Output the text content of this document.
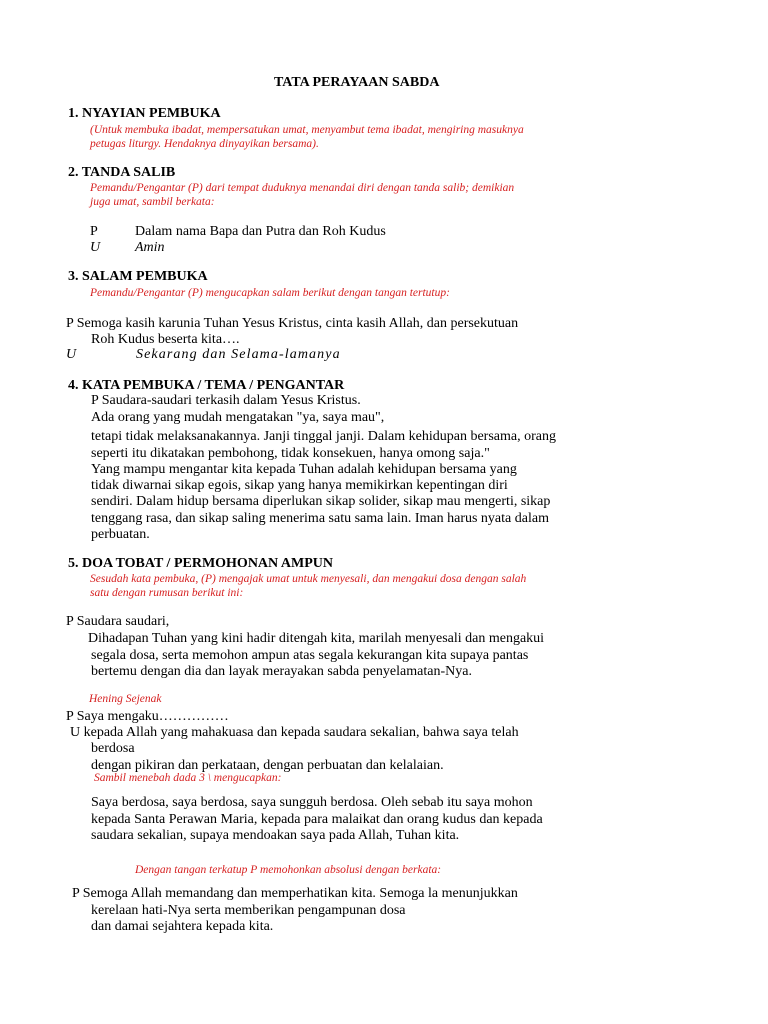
TATA PERAYAAN SABDA
1. NYAYIAN PEMBUKA
(Untuk membuka ibadat, mempersatukan umat, menyambut tema ibadat, mengiring masuknya
petugas liturgy. Hendaknya dinyayikan bersama).
2. TANDA SALIB
Pemandu/Pengantar (P) dari tempat duduknya menandai diri dengan tanda salib; demikian
juga umat, sambil berkata:
P	Dalam nama Bapa dan Putra dan Roh Kudus
U Amin
3. SALAM PEMBUKA
Pemandu/Pengantar (P) mengucapkan salam berikut dengan tangan tertutup:
P Semoga kasih karunia Tuhan Yesus Kristus, cinta kasih Allah, dan persekutuan
Roh Kudus beserta kita….
U	Sekarang dan Selama-lamanya
4. KATA PEMBUKA / TEMA / PENGANTAR
P Saudara-saudari terkasih dalam Yesus Kristus.
Ada orang yang mudah mengatakan "ya, saya mau",
tetapi tidak melaksanakannya. Janji tinggal janji. Dalam kehidupan bersama, orang
seperti itu dikatakan pembohong, tidak konsekuen, hanya omong saja."
Yang mampu mengantar kita kepada Tuhan adalah kehidupan bersama yang
tidak diwarnai sikap egois, sikap yang hanya memikirkan kepentingan diri
sendiri. Dalam hidup bersama diperlukan sikap solider, sikap mau mengerti, sikap
tenggang rasa, dan sikap saling menerima satu sama lain. Iman harus nyata dalam
perbuatan.
5. DOA TOBAT / PERMOHONAN AMPUN
Sesudah kata pembuka, (P) mengajak umat untuk menyesali, dan mengakui dosa dengan salah
satu dengan rumusan berikut ini:
P Saudara saudari,
Dihadapan Tuhan yang kini hadir ditengah kita, marilah menyesali dan mengakui
segala dosa, serta memohon ampun atas segala kekurangan kita supaya pantas
bertemu dengan dia dan layak merayakan sabda penyelamatan-Nya.
Hening Sejenak
P Saya mengaku……………
U kepada Allah yang mahakuasa dan kepada saudara sekalian, bahwa saya telah
berdosa
dengan pikiran dan perkataan, dengan perbuatan dan kelalaian.
Sambil menebah dada 3 \ mengucapkan:
Saya berdosa, saya berdosa, saya sungguh berdosa. Oleh sebab itu saya mohon
kepada Santa Perawan Maria, kepada para malaikat dan orang kudus dan kepada
saudara sekalian, supaya mendoakan saya pada Allah, Tuhan kita.
Dengan tangan terkatup P memohonkan absolusi dengan berkata:
P Semoga Allah memandang dan memperhatikan kita. Semoga la menunjukkan
kerelaan hati-Nya serta memberikan pengampunan dosa
dan damai sejahtera kepada kita.
